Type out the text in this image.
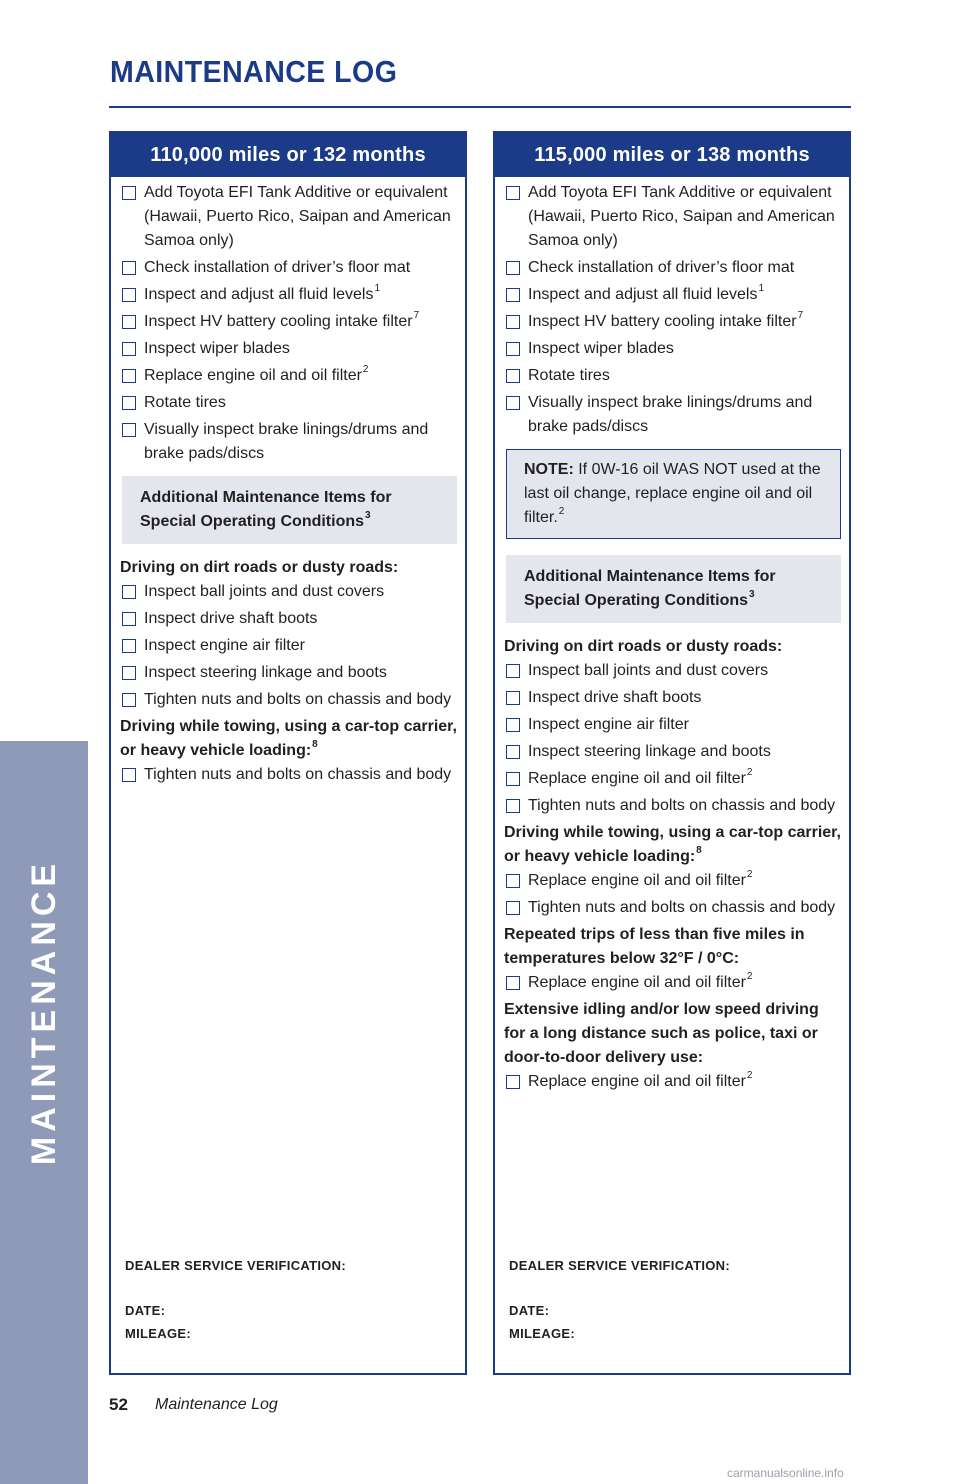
MAINTENANCE
MAINTENANCE LOG
110,000 miles or 132 months
Add Toyota EFI Tank Additive or equivalent (Hawaii, Puerto Rico, Saipan and American Samoa only)
Check installation of driver’s floor mat
Inspect and adjust all fluid levels$^1$
Inspect HV battery cooling intake filter$^7$
Inspect wiper blades
Replace engine oil and oil filter$^2$
Rotate tires
Visually inspect brake linings/drums and brake pads/discs
Additional Maintenance Items for Special Operating Conditions$^3$
Driving on dirt roads or dusty roads:
Inspect ball joints and dust covers
Inspect drive shaft boots
Inspect engine air filter
Inspect steering linkage and boots
Tighten nuts and bolts on chassis and body
Driving while towing, using a car-top carrier, or heavy vehicle loading:$^8$
Tighten nuts and bolts on chassis and body
DEALER SERVICE VERIFICATION:
DATE:
MILEAGE:
115,000 miles or 138 months
Add Toyota EFI Tank Additive or equivalent (Hawaii, Puerto Rico, Saipan and American Samoa only)
Check installation of driver’s floor mat
Inspect and adjust all fluid levels$^1$
Inspect HV battery cooling intake filter$^7$
Inspect wiper blades
Rotate tires
Visually inspect brake linings/drums and brake pads/discs
NOTE: If 0W-16 oil WAS NOT used at the last oil change, replace engine oil and oil filter.$^2$
Additional Maintenance Items for Special Operating Conditions$^3$
Driving on dirt roads or dusty roads:
Inspect ball joints and dust covers
Inspect drive shaft boots
Inspect engine air filter
Inspect steering linkage and boots
Replace engine oil and oil filter$^2$
Tighten nuts and bolts on chassis and body
Driving while towing, using a car-top carrier, or heavy vehicle loading:$^8$
Replace engine oil and oil filter$^2$
Tighten nuts and bolts on chassis and body
Repeated trips of less than five miles in temperatures below 32°F / 0°C:
Replace engine oil and oil filter$^2$
Extensive idling and/or low speed driving for a long distance such as police, taxi or door-to-door delivery use:
Replace engine oil and oil filter$^2$
DEALER SERVICE VERIFICATION:
DATE:
MILEAGE:
52 Maintenance Log
carmanualsonline.info
